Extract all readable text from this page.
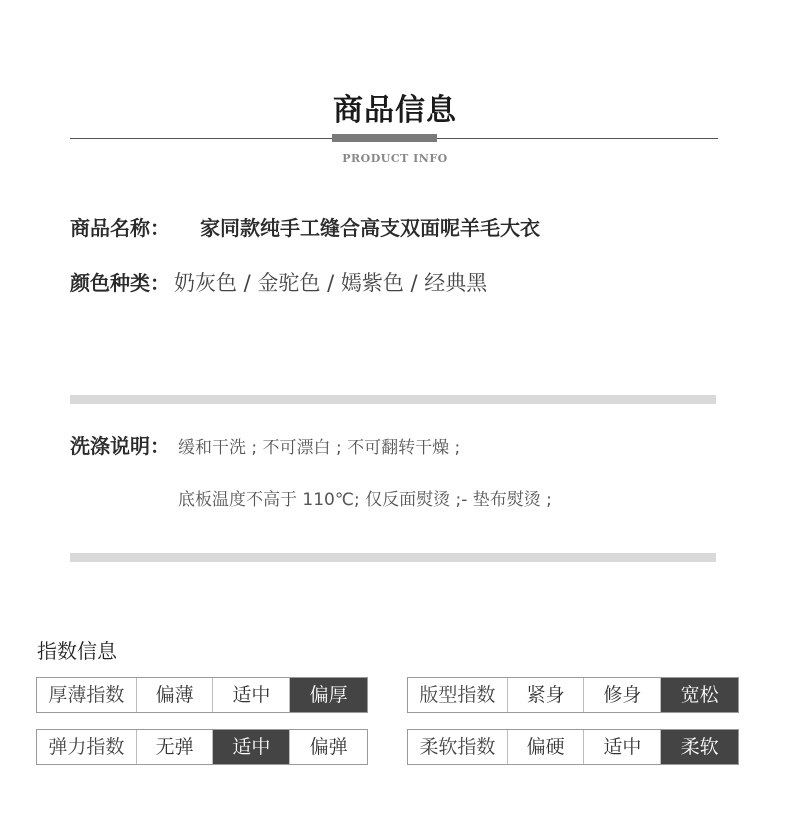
商品信息
PRODUCT INFO
商品名称： 家同款纯手工缝合高支双面呢羊毛大衣
颜色种类： 奶灰色 / 金驼色 / 嫣紫色 / 经典黑
洗涤说明： 缓和干洗 ; 不可漂白 ; 不可翻转干燥 ;
底板温度不高于 110℃; 仅反面熨烫 ;- 垫布熨烫 ;
指数信息
厚薄指数	偏薄	适中	偏厚	版型指数	紧身	修身	宽松
弹力指数	无弹	适中	偏弹	柔软指数	偏硬	适中	柔软
